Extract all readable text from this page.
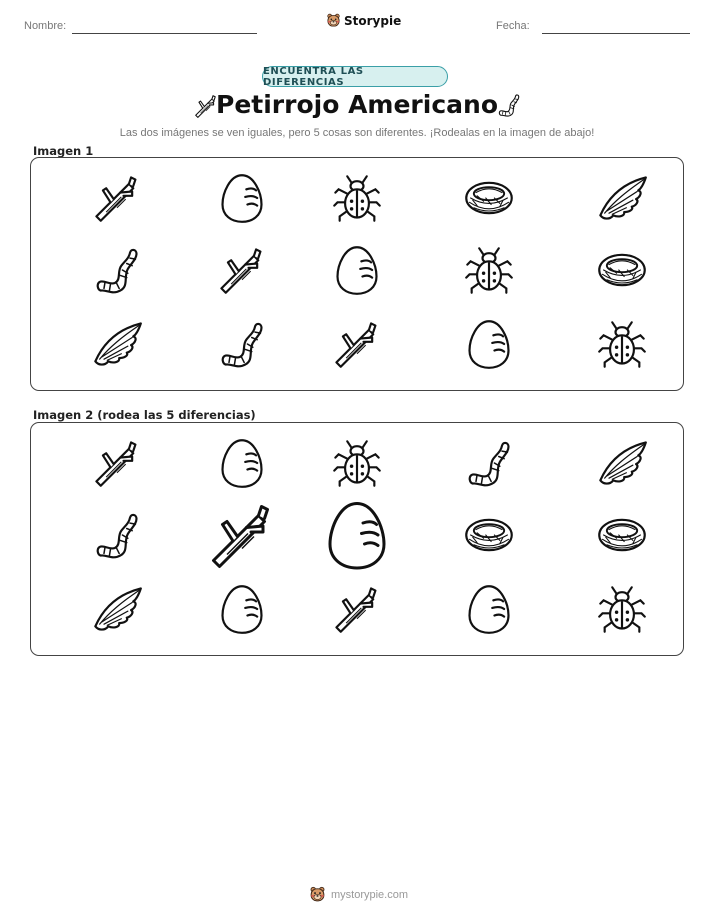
Nombre:	Storypie	Fecha:
ENCUENTRA LAS DIFERENCIAS
Petirrojo Americano
Las dos imágenes se ven iguales, pero 5 cosas son diferentes. ¡Rodealas en la imagen de abajo!
Imagen 1
Imagen 2 (rodea las 5 diferencias)
mystorypie.com
